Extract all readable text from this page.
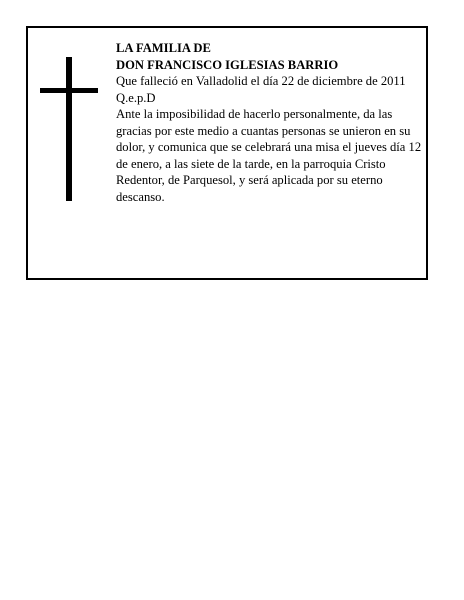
LA FAMILIA DE

DON FRANCISCO IGLESIAS BARRIO

Que falleció en Valladolid el día 22 de diciembre de 2011

Q.e.p.D

Ante la imposibilidad de hacerlo personalmente, da las gracias por este medio a cuantas personas se unieron en su dolor, y comunica que se celebrará una misa el jueves día 12 de enero, a las siete de la tarde, en la parroquia Cristo Redentor, de Parquesol, y será aplicada por su eterno descanso.
